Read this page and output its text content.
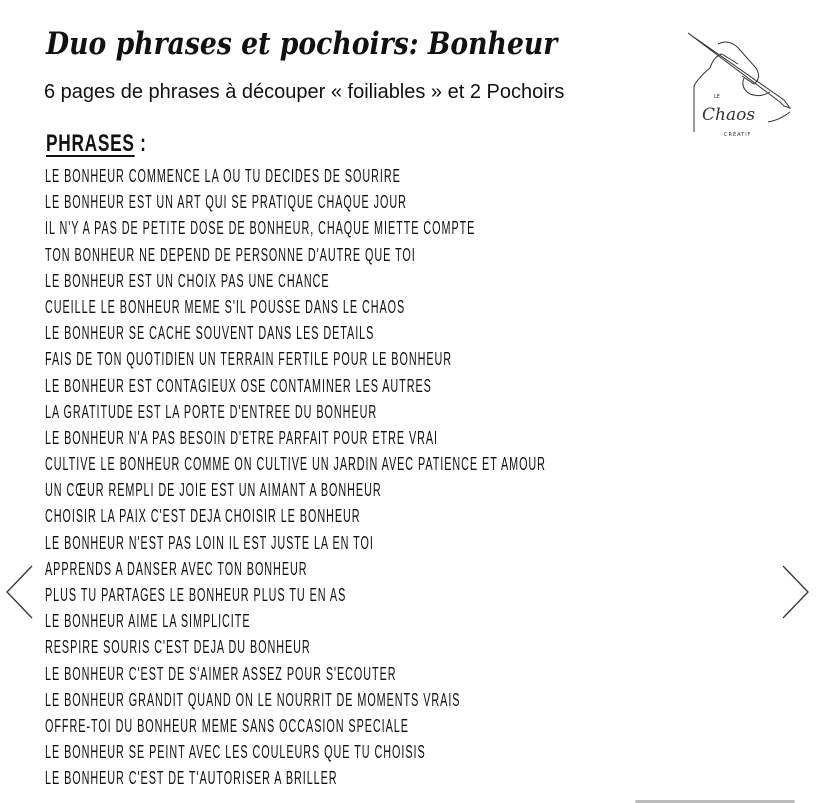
Duo phrases et pochoirs: Bonheur
6 pages de phrases à découper « foiliables » et 2 Pochoirs	LE
Chaos
CRÉATIF
PHRASES :
LE BONHEUR COMMENCE LA OU TU DECIDES DE SOURIRE
LE BONHEUR EST UN ART QUI SE PRATIQUE CHAQUE JOUR
IL N'Y A PAS DE PETITE DOSE DE BONHEUR, CHAQUE MIETTE COMPTE
TON BONHEUR NE DEPEND DE PERSONNE D'AUTRE QUE TOI
LE BONHEUR EST UN CHOIX PAS UNE CHANCE
CUEILLE LE BONHEUR MEME S'IL POUSSE DANS LE CHAOS
LE BONHEUR SE CACHE SOUVENT DANS LES DETAILS
FAIS DE TON QUOTIDIEN UN TERRAIN FERTILE POUR LE BONHEUR
LE BONHEUR EST CONTAGIEUX OSE CONTAMINER LES AUTRES
LA GRATITUDE EST LA PORTE D'ENTREE DU BONHEUR
LE BONHEUR N'A PAS BESOIN D'ETRE PARFAIT POUR ETRE VRAI
CULTIVE LE BONHEUR COMME ON CULTIVE UN JARDIN AVEC PATIENCE ET AMOUR
UN CŒUR REMPLI DE JOIE EST UN AIMANT A BONHEUR
CHOISIR LA PAIX C'EST DEJA CHOISIR LE BONHEUR
LE BONHEUR N'EST PAS LOIN IL EST JUSTE LA EN TOI
APPRENDS A DANSER AVEC TON BONHEUR
PLUS TU PARTAGES LE BONHEUR PLUS TU EN AS
LE BONHEUR AIME LA SIMPLICITE
RESPIRE SOURIS C'EST DEJA DU BONHEUR
LE BONHEUR C'EST DE S'AIMER ASSEZ POUR S'ECOUTER
LE BONHEUR GRANDIT QUAND ON LE NOURRIT DE MOMENTS VRAIS
OFFRE-TOI DU BONHEUR MEME SANS OCCASION SPECIALE
LE BONHEUR SE PEINT AVEC LES COULEURS QUE TU CHOISIS
LE BONHEUR C'EST DE T'AUTORISER A BRILLER
